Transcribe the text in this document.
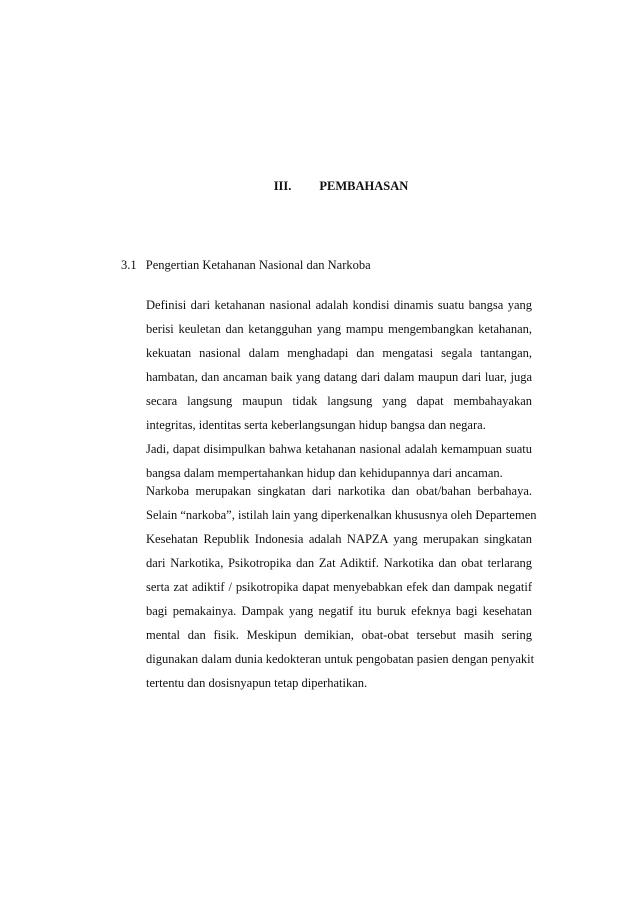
III. PEMBAHASAN
3.1 Pengertian Ketahanan Nasional dan Narkoba
Definisi dari ketahanan nasional adalah kondisi dinamis suatu bangsa yang
berisi keuletan dan ketangguhan yang mampu mengembangkan ketahanan,
kekuatan nasional dalam menghadapi dan mengatasi segala tantangan,
hambatan, dan ancaman baik yang datang dari dalam maupun dari luar, juga
secara langsung maupun tidak langsung yang dapat membahayakan
integritas, identitas serta keberlangsungan hidup bangsa dan negara.
Jadi, dapat disimpulkan bahwa ketahanan nasional adalah kemampuan suatu
bangsa dalam mempertahankan hidup dan kehidupannya dari ancaman.
Narkoba merupakan singkatan dari narkotika dan obat/bahan berbahaya.
Selain “narkoba”, istilah lain yang diperkenalkan khususnya oleh Departemen
Kesehatan Republik Indonesia adalah NAPZA yang merupakan singkatan
dari Narkotika, Psikotropika dan Zat Adiktif. Narkotika dan obat terlarang
serta zat adiktif / psikotropika dapat menyebabkan efek dan dampak negatif
bagi pemakainya. Dampak yang negatif itu buruk efeknya bagi kesehatan
mental dan fisik. Meskipun demikian, obat-obat tersebut masih sering
digunakan dalam dunia kedokteran untuk pengobatan pasien dengan penyakit
tertentu dan dosisnyapun tetap diperhatikan.
